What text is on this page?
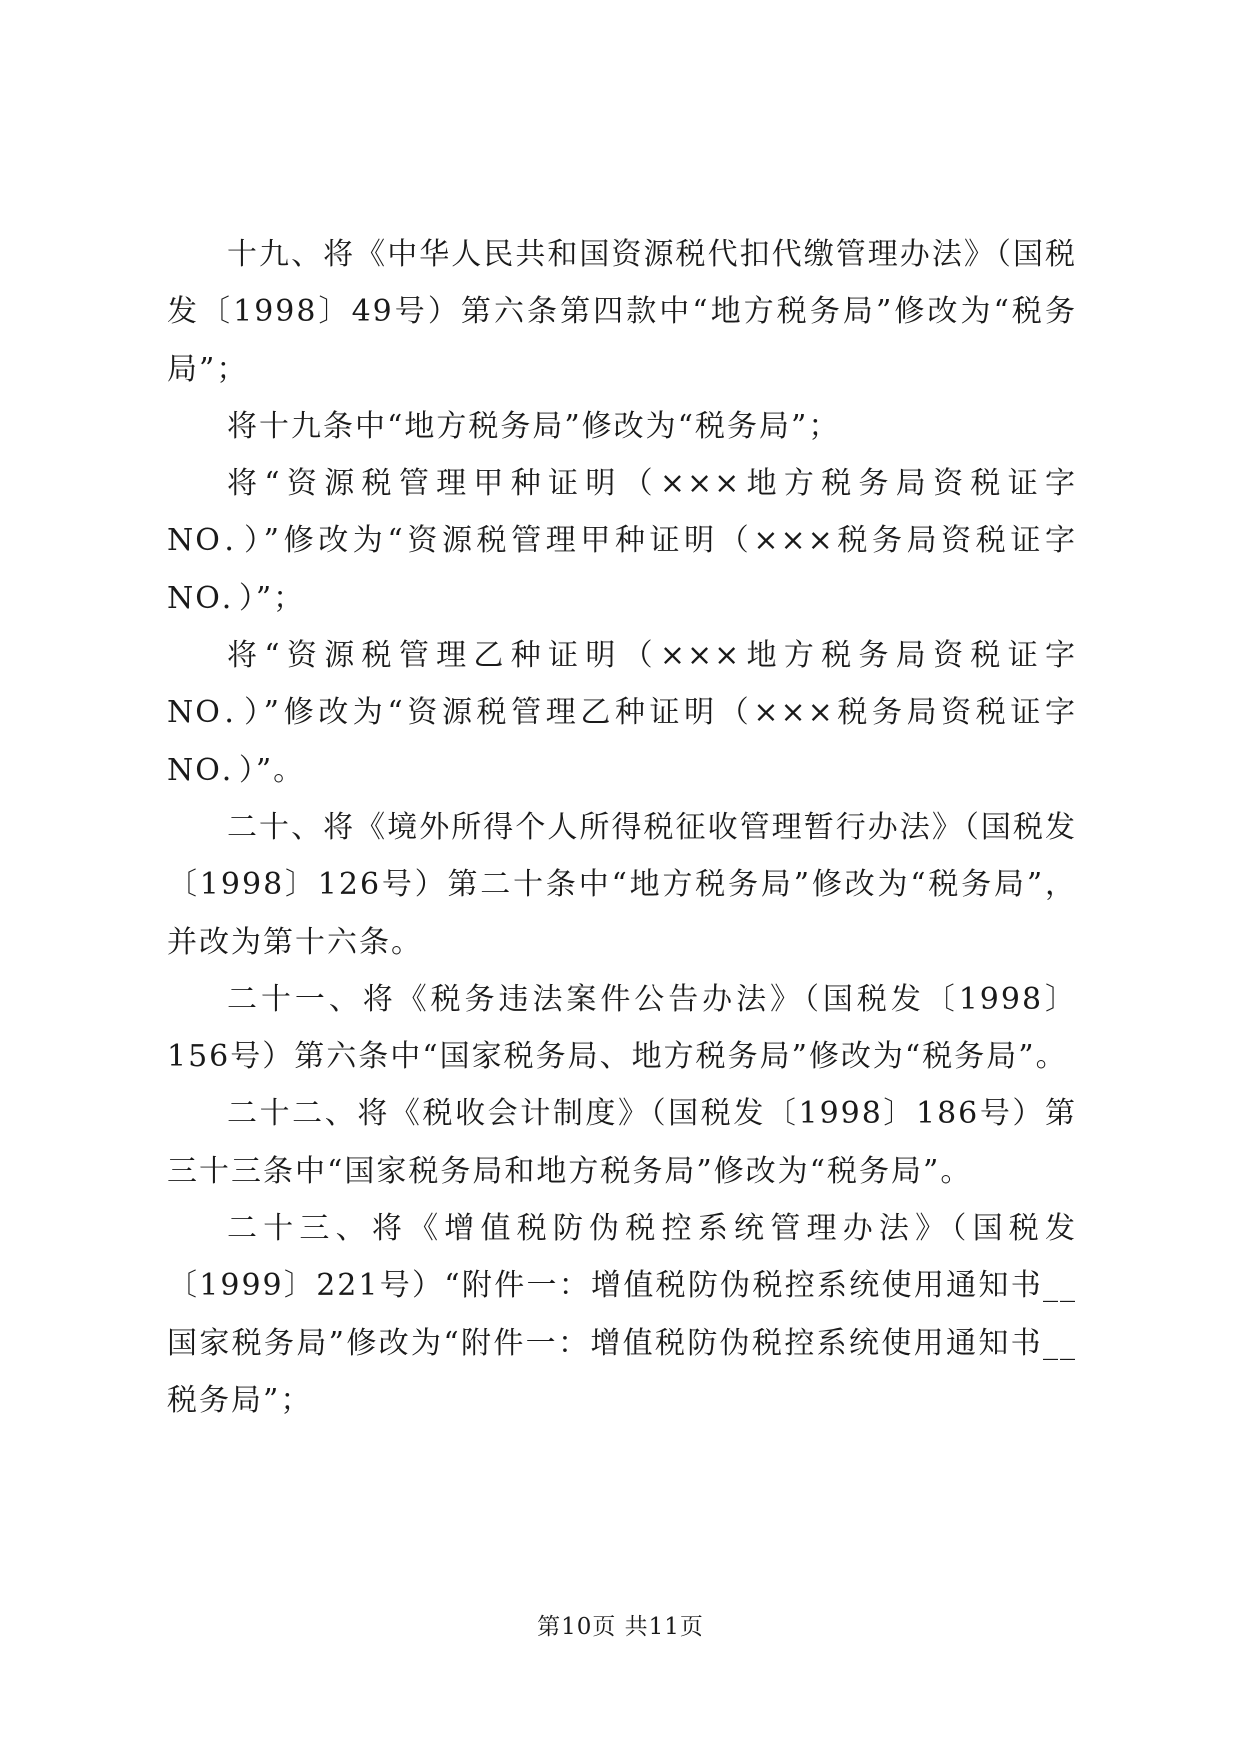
十九、将《中华人民共和国资源税代扣代缴管理办法》（国税发〔1998〕49号）第六条第四款中“地方税务局”修改为“税务局”；

将十九条中“地方税务局”修改为“税务局”；

将“资源税管理甲种证明（×××地方税务局资税证字NO．）”修改为“资源税管理甲种证明（×××税务局资税证字NO．）”；

将“资源税管理乙种证明（×××地方税务局资税证字NO．）”修改为“资源税管理乙种证明（×××税务局资税证字NO．）”。

二十、将《境外所得个人所得税征收管理暂行办法》（国税发〔1998〕126号）第二十条中“地方税务局”修改为“税务局”，并改为第十六条。

二十一、将《税务违法案件公告办法》（国税发〔1998〕156号）第六条中“国家税务局、地方税务局”修改为“税务局”。

二十二、将《税收会计制度》（国税发〔1998〕186号）第三十三条中“国家税务局和地方税务局”修改为“税务局”。

二十三、将《增值税防伪税控系统管理办法》（国税发〔1999〕221号）“附件一：增值税防伪税控系统使用通知书__国家税务局”修改为“附件一：增值税防伪税控系统使用通知书__税务局”；

第10页 共11页
